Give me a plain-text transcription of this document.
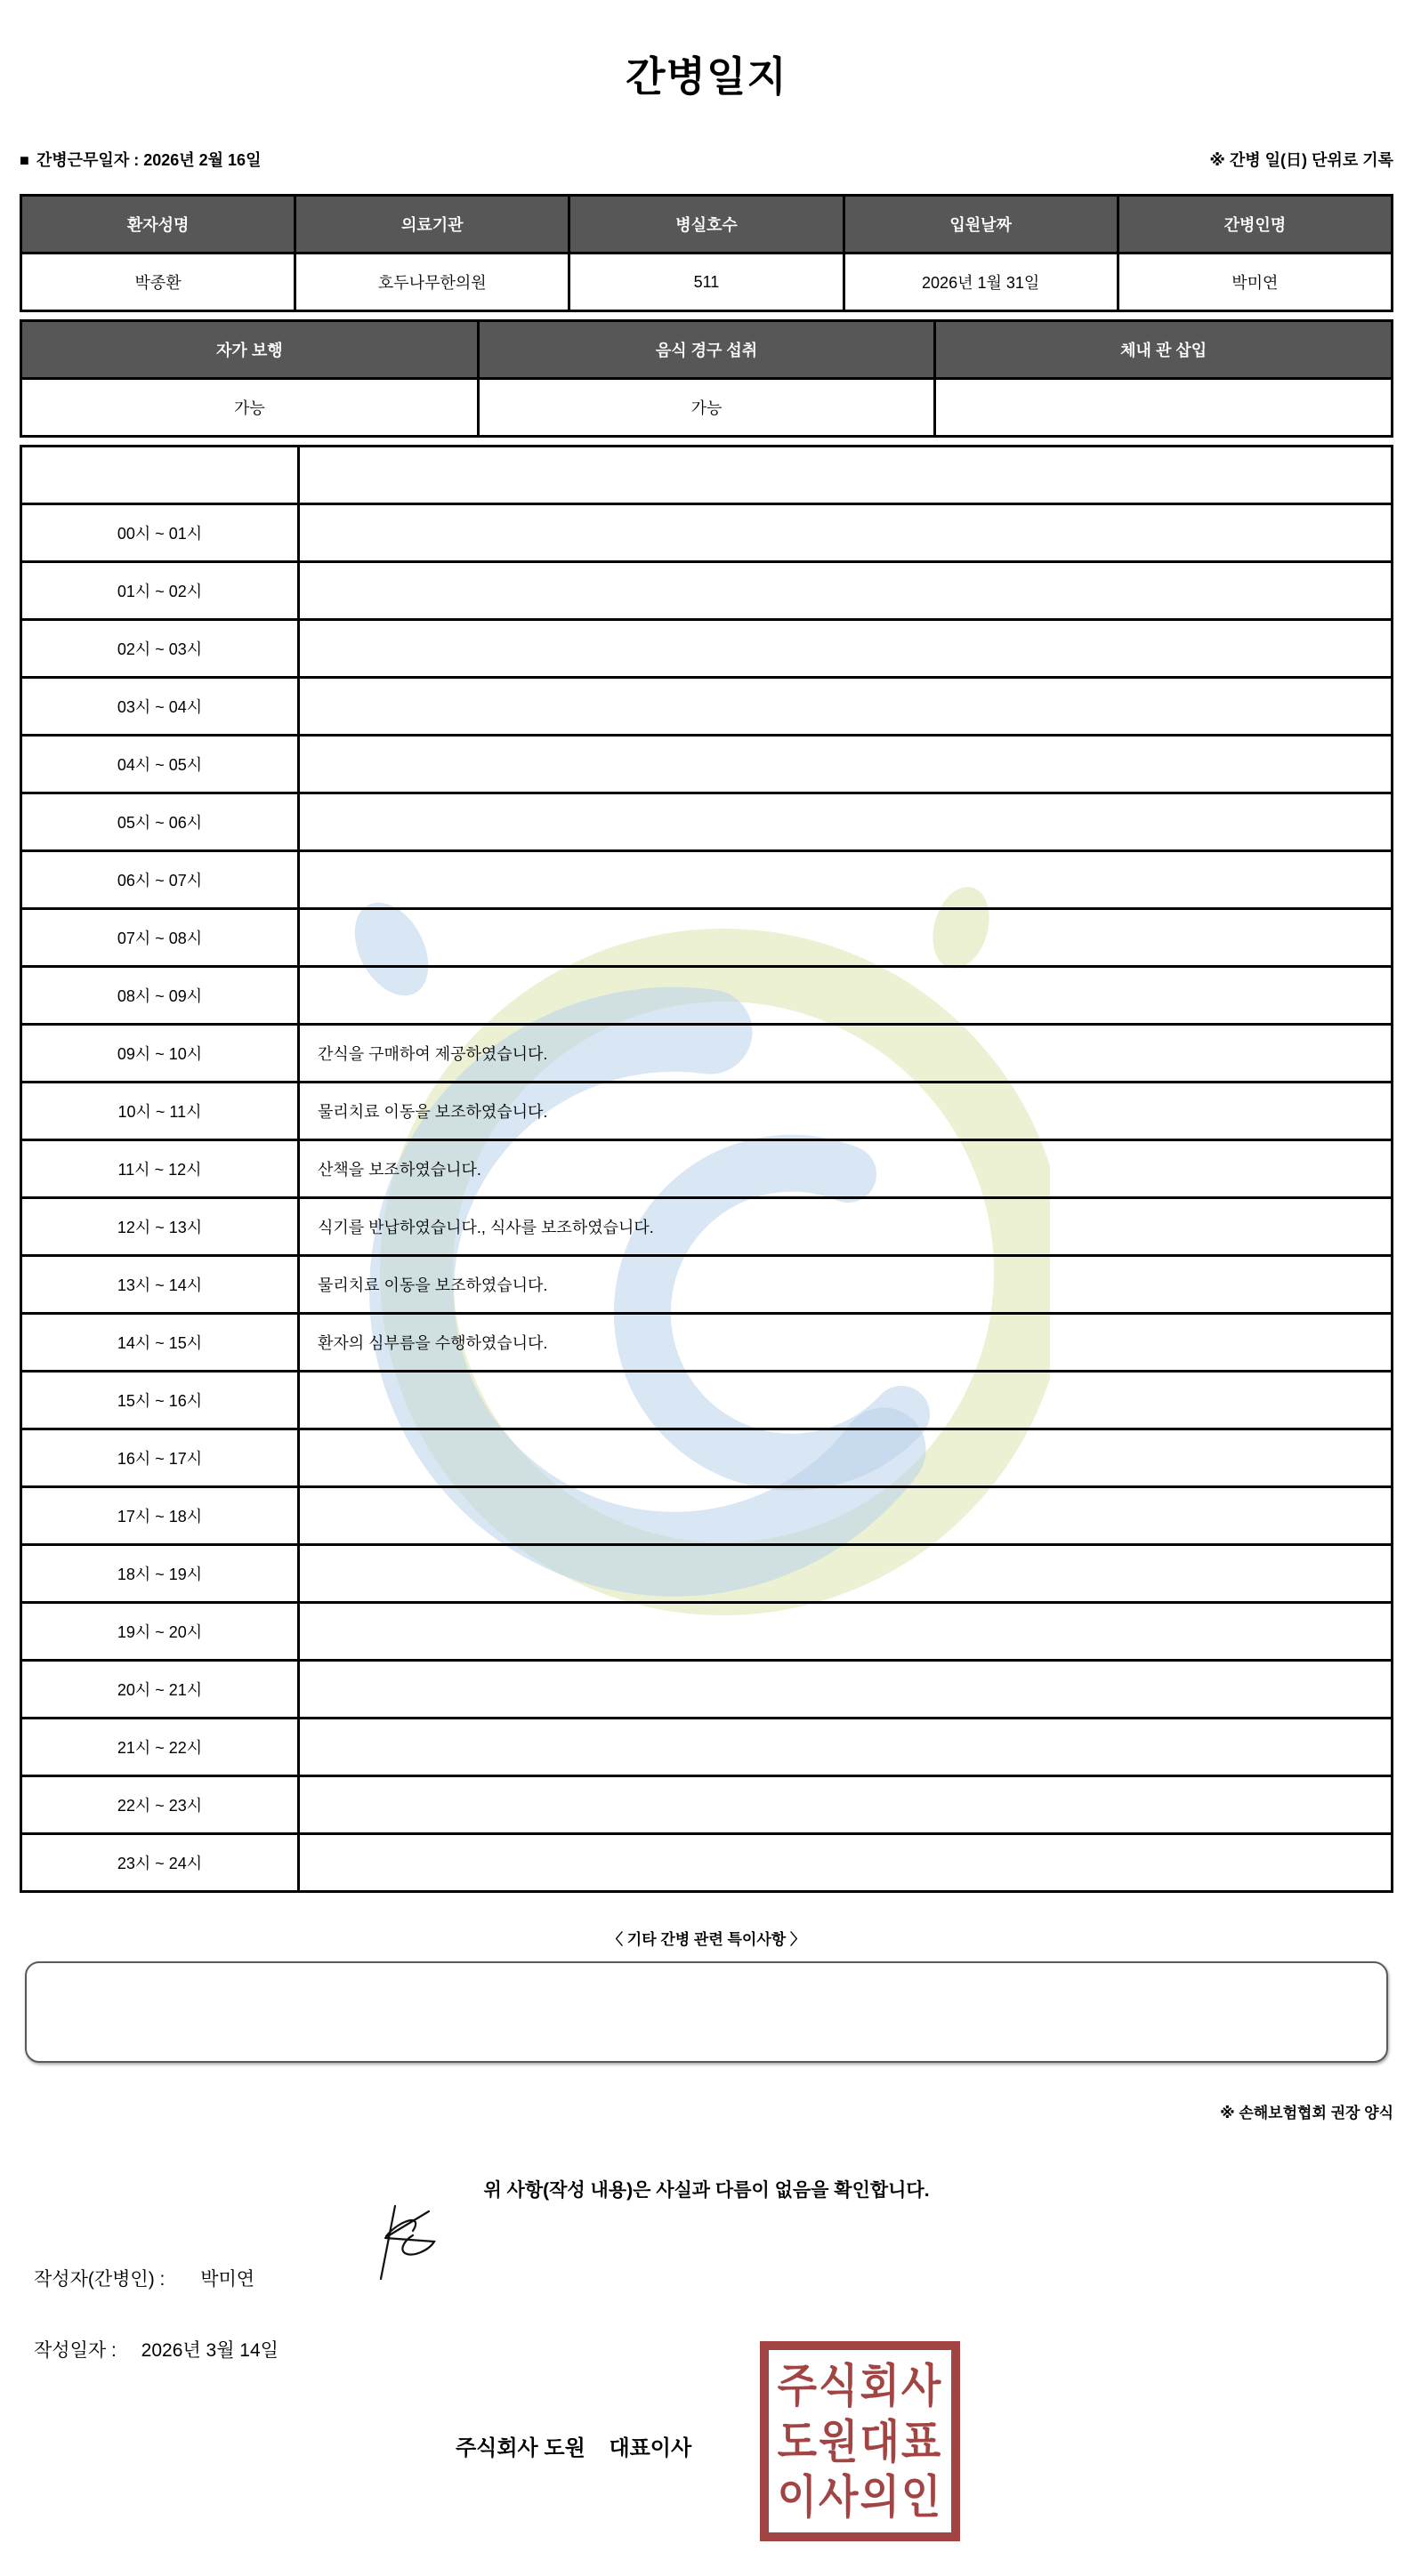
간병일지
■ 간병근무일자 : 2026년 2월 16일	※ 간병 일(日) 단위로 기록
환자성명	의료기관	병실호수	입원날짜	간병인명
박종환	호두나무한의원	511	2026년 1월 31일	박미연
자가 보행	음식 경구 섭취	체내 관 삽입
가능	가능	
시간	간병 내용
00시 ~ 01시	
01시 ~ 02시	
02시 ~ 03시	
03시 ~ 04시	
04시 ~ 05시	
05시 ~ 06시	
06시 ~ 07시	
07시 ~ 08시	
08시 ~ 09시	
09시 ~ 10시	간식을 구매하여 제공하였습니다.
10시 ~ 11시	물리치료 이동을 보조하였습니다.
11시 ~ 12시	산책을 보조하였습니다.
12시 ~ 13시	식기를 반납하였습니다., 식사를 보조하였습니다.
13시 ~ 14시	물리치료 이동을 보조하였습니다.
14시 ~ 15시	환자의 심부름을 수행하였습니다.
15시 ~ 16시	
16시 ~ 17시	
17시 ~ 18시	
18시 ~ 19시	
19시 ~ 20시	
20시 ~ 21시	
21시 ~ 22시	
22시 ~ 23시	
23시 ~ 24시	
〈 기타 간병 관련 특이사항 〉
※ 손해보험협회 권장 양식
위 사항(작성 내용)은 사실과 다름이 없음을 확인합니다.
작성자(간병인) : 박미연
작성일자 : 2026년 3월 14일
주식회사 도원    대표이사
주식회사
도원대표
이사의인
